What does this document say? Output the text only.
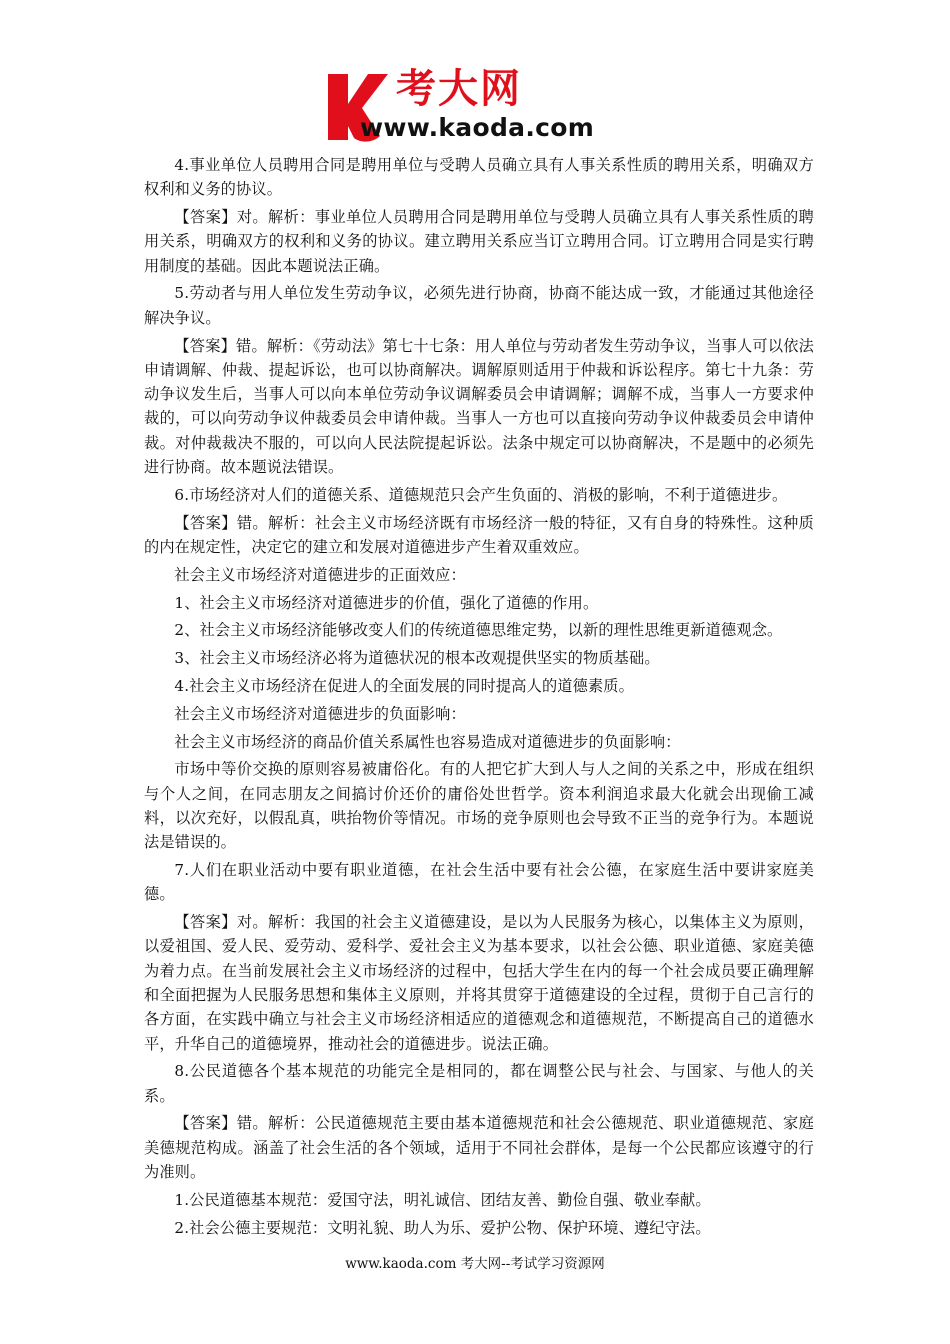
考大网
www.kaoda.com

4.事业单位人员聘用合同是聘用单位与受聘人员确立具有人事关系性质的聘用关系，明确双方权利和义务的协议。

【答案】对。解析：事业单位人员聘用合同是聘用单位与受聘人员确立具有人事关系性质的聘用关系，明确双方的权利和义务的协议。建立聘用关系应当订立聘用合同。订立聘用合同是实行聘用制度的基础。因此本题说法正确。

5.劳动者与用人单位发生劳动争议，必须先进行协商，协商不能达成一致，才能通过其他途径解决争议。

【答案】错。解析：《劳动法》第七十七条：用人单位与劳动者发生劳动争议，当事人可以依法申请调解、仲裁、提起诉讼，也可以协商解决。调解原则适用于仲裁和诉讼程序。第七十九条：劳动争议发生后，当事人可以向本单位劳动争议调解委员会申请调解；调解不成，当事人一方要求仲裁的，可以向劳动争议仲裁委员会申请仲裁。当事人一方也可以直接向劳动争议仲裁委员会申请仲裁。对仲裁裁决不服的，可以向人民法院提起诉讼。法条中规定可以协商解决，不是题中的必须先进行协商。故本题说法错误。

6.市场经济对人们的道德关系、道德规范只会产生负面的、消极的影响，不利于道德进步。

【答案】错。解析：社会主义市场经济既有市场经济一般的特征，又有自身的特殊性。这种质的内在规定性，决定它的建立和发展对道德进步产生着双重效应。

社会主义市场经济对道德进步的正面效应：

1、社会主义市场经济对道德进步的价值，强化了道德的作用。

2、社会主义市场经济能够改变人们的传统道德思维定势，以新的理性思维更新道德观念。

3、社会主义市场经济必将为道德状况的根本改观提供坚实的物质基础。

4.社会主义市场经济在促进人的全面发展的同时提高人的道德素质。

社会主义市场经济对道德进步的负面影响：

社会主义市场经济的商品价值关系属性也容易造成对道德进步的负面影响：

市场中等价交换的原则容易被庸俗化。有的人把它扩大到人与人之间的关系之中，形成在组织与个人之间，在同志朋友之间搞讨价还价的庸俗处世哲学。资本利润追求最大化就会出现偷工减料，以次充好，以假乱真，哄抬物价等情况。市场的竞争原则也会导致不正当的竞争行为。本题说法是错误的。

7.人们在职业活动中要有职业道德，在社会生活中要有社会公德，在家庭生活中要讲家庭美德。

【答案】对。解析：我国的社会主义道德建设，是以为人民服务为核心，以集体主义为原则，以爱祖国、爱人民、爱劳动、爱科学、爱社会主义为基本要求，以社会公德、职业道德、家庭美德为着力点。在当前发展社会主义市场经济的过程中，包括大学生在内的每一个社会成员要正确理解和全面把握为人民服务思想和集体主义原则，并将其贯穿于道德建设的全过程，贯彻于自己言行的各方面，在实践中确立与社会主义市场经济相适应的道德观念和道德规范，不断提高自己的道德水平，升华自己的道德境界，推动社会的道德进步。说法正确。

8.公民道德各个基本规范的功能完全是相同的，都在调整公民与社会、与国家、与他人的关系。

【答案】错。解析：公民道德规范主要由基本道德规范和社会公德规范、职业道德规范、家庭美德规范构成。涵盖了社会生活的各个领域，适用于不同社会群体，是每一个公民都应该遵守的行为准则。

1.公民道德基本规范：爱国守法，明礼诚信、团结友善、勤俭自强、敬业奉献。

2.社会公德主要规范：文明礼貌、助人为乐、爱护公物、保护环境、遵纪守法。

www.kaoda.com 考大网--考试学习资源网
